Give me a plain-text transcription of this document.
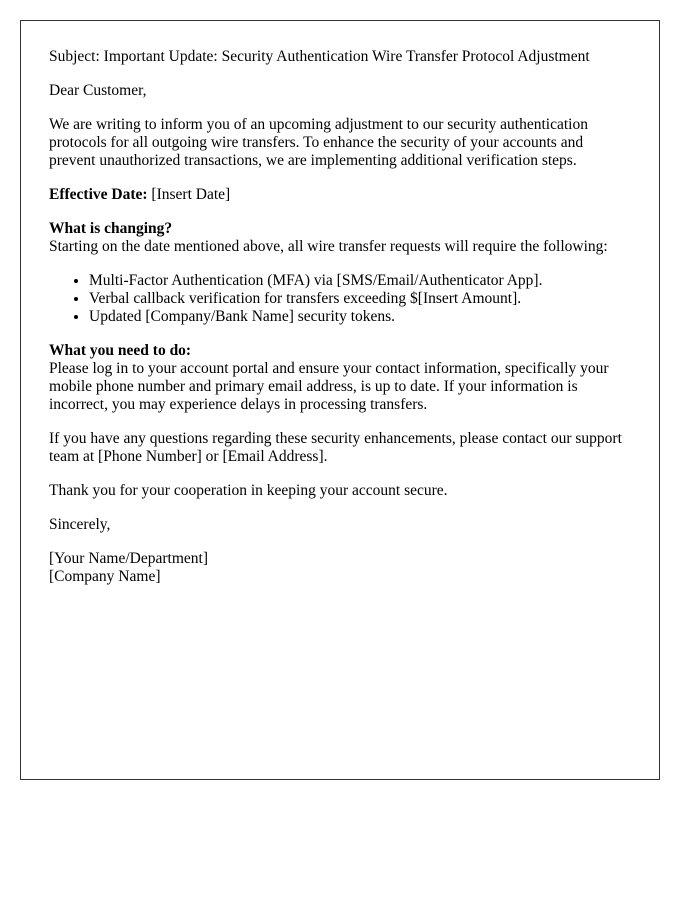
Subject: Important Update: Security Authentication Wire Transfer Protocol Adjustment

Dear Customer,

We are writing to inform you of an upcoming adjustment to our security authentication protocols for all outgoing wire transfers. To enhance the security of your accounts and prevent unauthorized transactions, we are implementing additional verification steps.

Effective Date: [Insert Date]

What is changing?
Starting on the date mentioned above, all wire transfer requests will require the following:

• Multi-Factor Authentication (MFA) via [SMS/Email/Authenticator App].
• Verbal callback verification for transfers exceeding $[Insert Amount].
• Updated [Company/Bank Name] security tokens.

What you need to do:
Please log in to your account portal and ensure your contact information, specifically your mobile phone number and primary email address, is up to date. If your information is incorrect, you may experience delays in processing transfers.

If you have any questions regarding these security enhancements, please contact our support team at [Phone Number] or [Email Address].

Thank you for your cooperation in keeping your account secure.

Sincerely,

[Your Name/Department]
[Company Name]
